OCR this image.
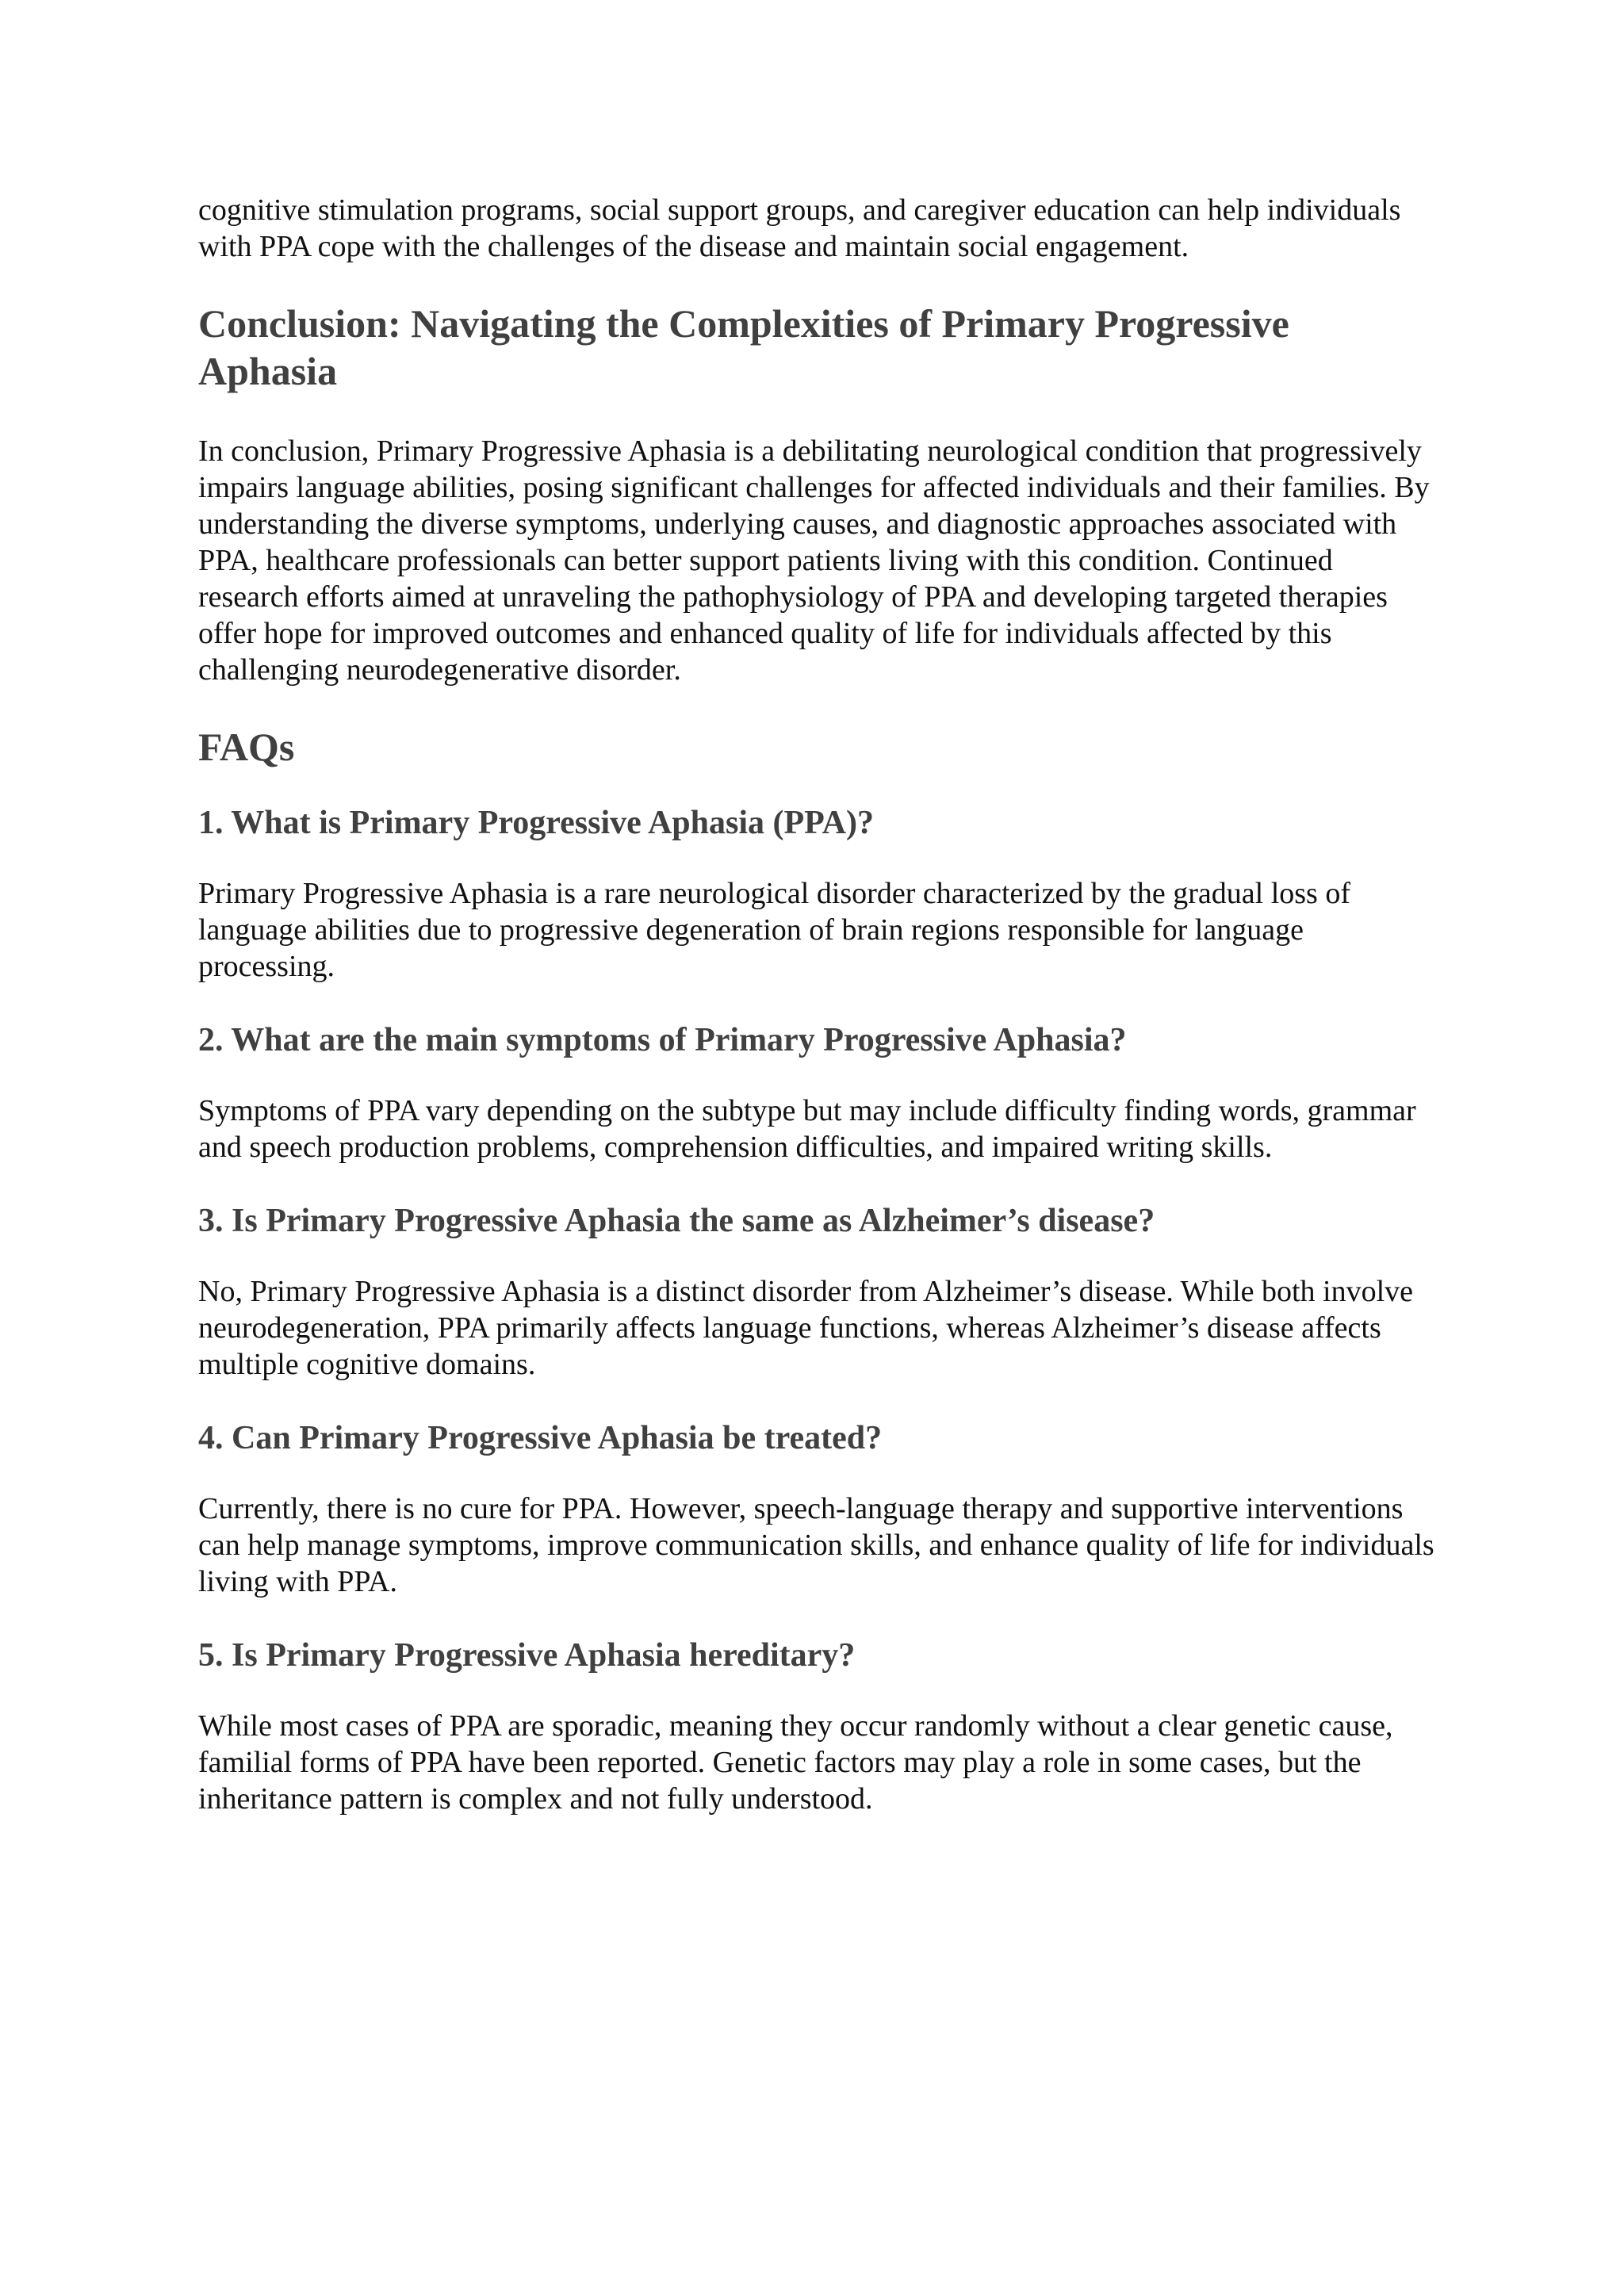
cognitive stimulation programs, social support groups, and caregiver education can help individuals with PPA cope with the challenges of the disease and maintain social engagement.

Conclusion: Navigating the Complexities of Primary Progressive Aphasia

In conclusion, Primary Progressive Aphasia is a debilitating neurological condition that progressively impairs language abilities, posing significant challenges for affected individuals and their families. By understanding the diverse symptoms, underlying causes, and diagnostic approaches associated with PPA, healthcare professionals can better support patients living with this condition. Continued research efforts aimed at unraveling the pathophysiology of PPA and developing targeted therapies offer hope for improved outcomes and enhanced quality of life for individuals affected by this challenging neurodegenerative disorder.

FAQs
1. What is Primary Progressive Aphasia (PPA)?

Primary Progressive Aphasia is a rare neurological disorder characterized by the gradual loss of language abilities due to progressive degeneration of brain regions responsible for language processing.

2. What are the main symptoms of Primary Progressive Aphasia?

Symptoms of PPA vary depending on the subtype but may include difficulty finding words, grammar and speech production problems, comprehension difficulties, and impaired writing skills.

3. Is Primary Progressive Aphasia the same as Alzheimer’s disease?

No, Primary Progressive Aphasia is a distinct disorder from Alzheimer’s disease. While both involve neurodegeneration, PPA primarily affects language functions, whereas Alzheimer’s disease affects multiple cognitive domains.

4. Can Primary Progressive Aphasia be treated?

Currently, there is no cure for PPA. However, speech-language therapy and supportive interventions can help manage symptoms, improve communication skills, and enhance quality of life for individuals living with PPA.

5. Is Primary Progressive Aphasia hereditary?

While most cases of PPA are sporadic, meaning they occur randomly without a clear genetic cause, familial forms of PPA have been reported. Genetic factors may play a role in some cases, but the inheritance pattern is complex and not fully understood.
